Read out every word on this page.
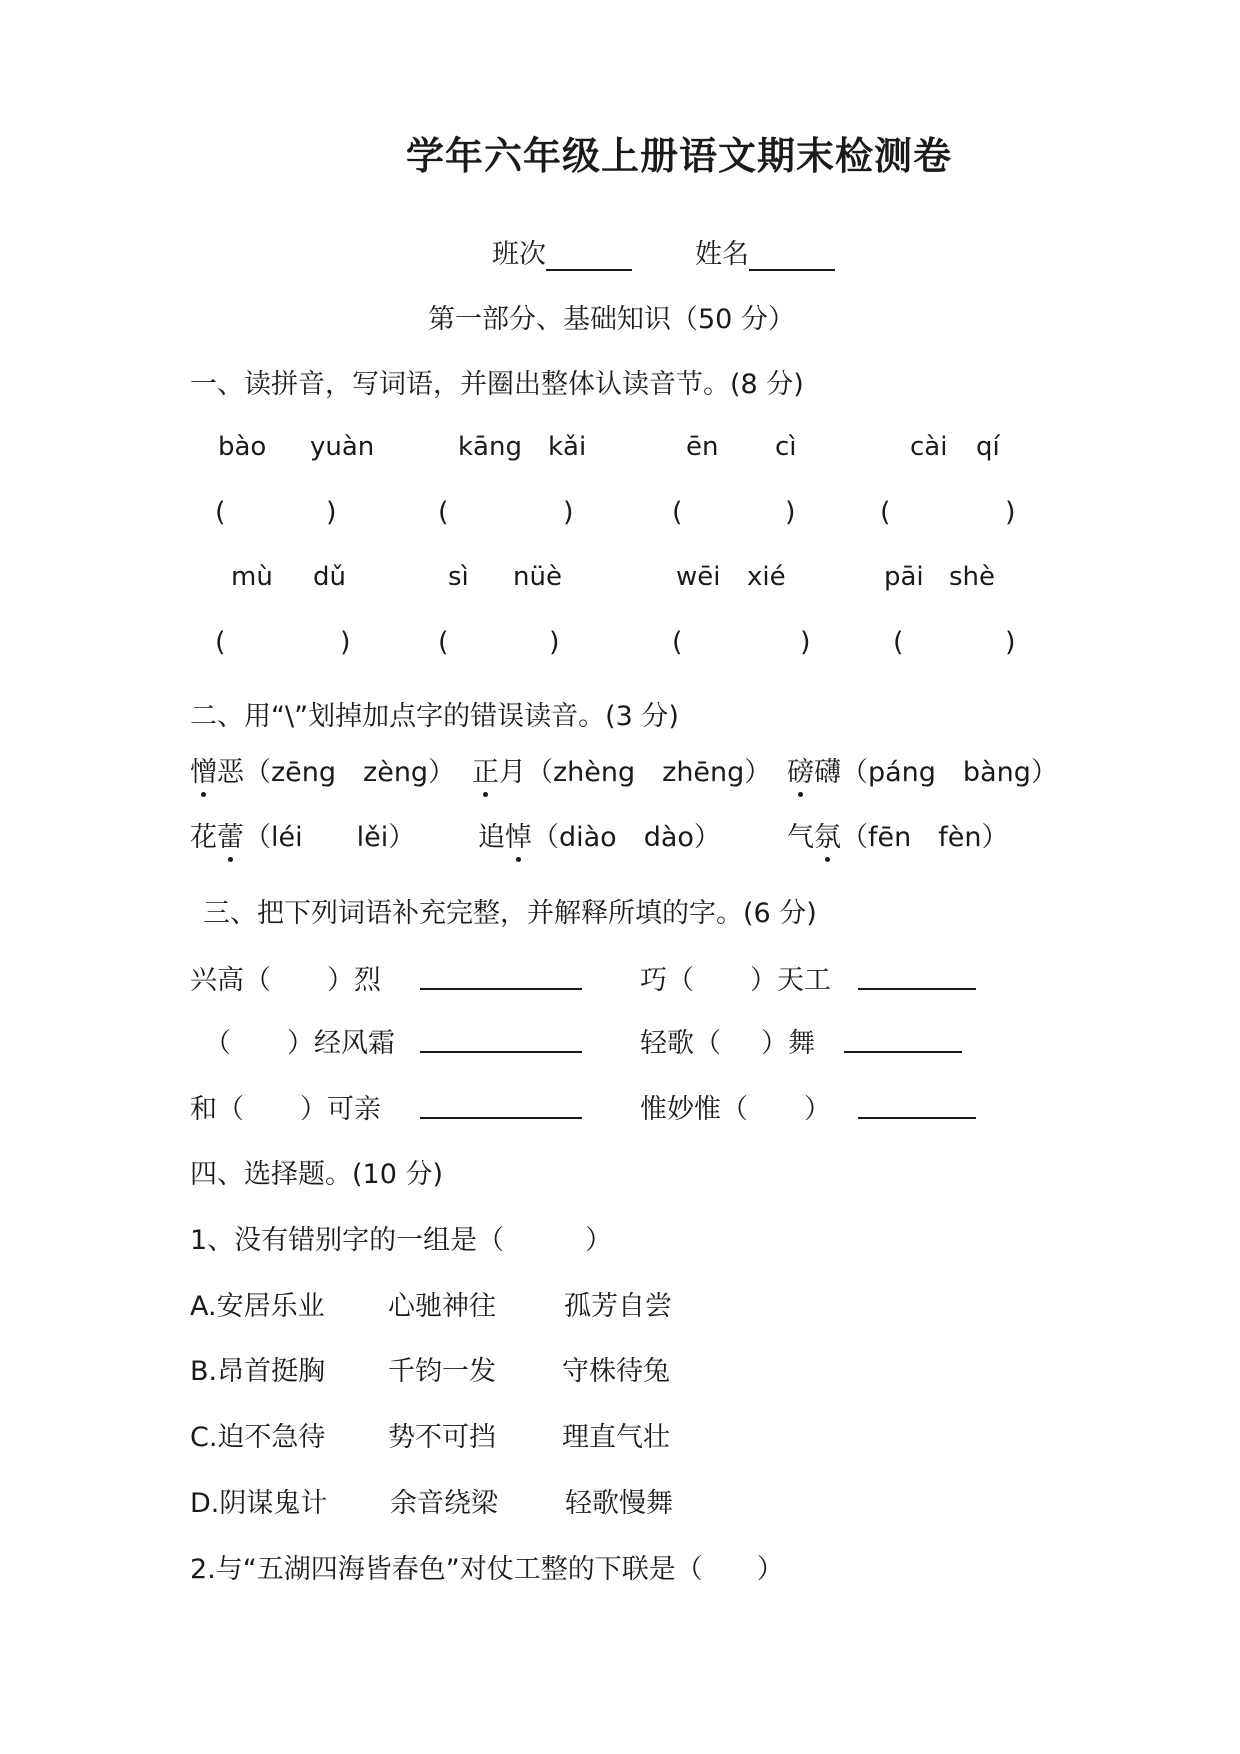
学年六年级上册语文期末检测卷
班次	姓名
第一部分、基础知识（50 分）
一、读拼音，写词语，并圈出整体认读音节。(8 分)
bào yuàn	kāng kǎi	ēn cì	cài qí
(	)	(	)	(	)	(	)
mù dǔ	sì nüè	wēi xié	pāi shè
(	)	(	)	(	)	(	)
二、用“\”划掉加点字的错误读音。(3 分)
憎恶（zēng　zèng） 正月（zhèng　zhēng） 磅礴（páng　bàng）
花蕾（léi　　lěi） 追悼（diào　dào） 气氛（fēn　fèn）
三、把下列词语补充完整，并解释所填的字。(6 分)
兴高（ ）烈	巧（ ）天工
（ ）经风霜	轻歌（ ）舞
和（ ）可亲	惟妙惟（ ）
四、选择题。(10 分)
1、没有错别字的一组是（　　　）
A.安居乐业 心驰神往	孤芳自尝
B.昂首挺胸 千钧一发 守株待兔
C.迫不急待 势不可挡 理直气壮
D.阴谋鬼计 余音绕梁 轻歌慢舞
2.与“五湖四海皆春色”对仗工整的下联是（　　）
